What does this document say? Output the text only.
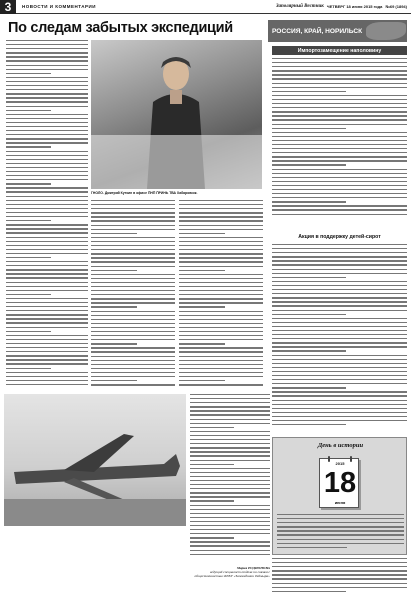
3	НОВОСТИ И КОММЕНТАРИИ	Заполярный Вестник ЧЕТВЕРГ 18 июня 2015 года №69 (1894)
По следам забытых экспедиций
ГНОЛО. Дмитрий Куткин в офисе ПНП ПРИНЬ ТВА Хабаровскк.
Мария РОДИОНОВА
ведущий специалист отдела по связям с общественностью ФГБУ «Заповедники Таймыра»
РОССИЯ, КРАЙ, НОРИЛЬСК
Импортозамещение наполовину
Акция в поддержку детей-сирот
День в истории
2015
18
июня
